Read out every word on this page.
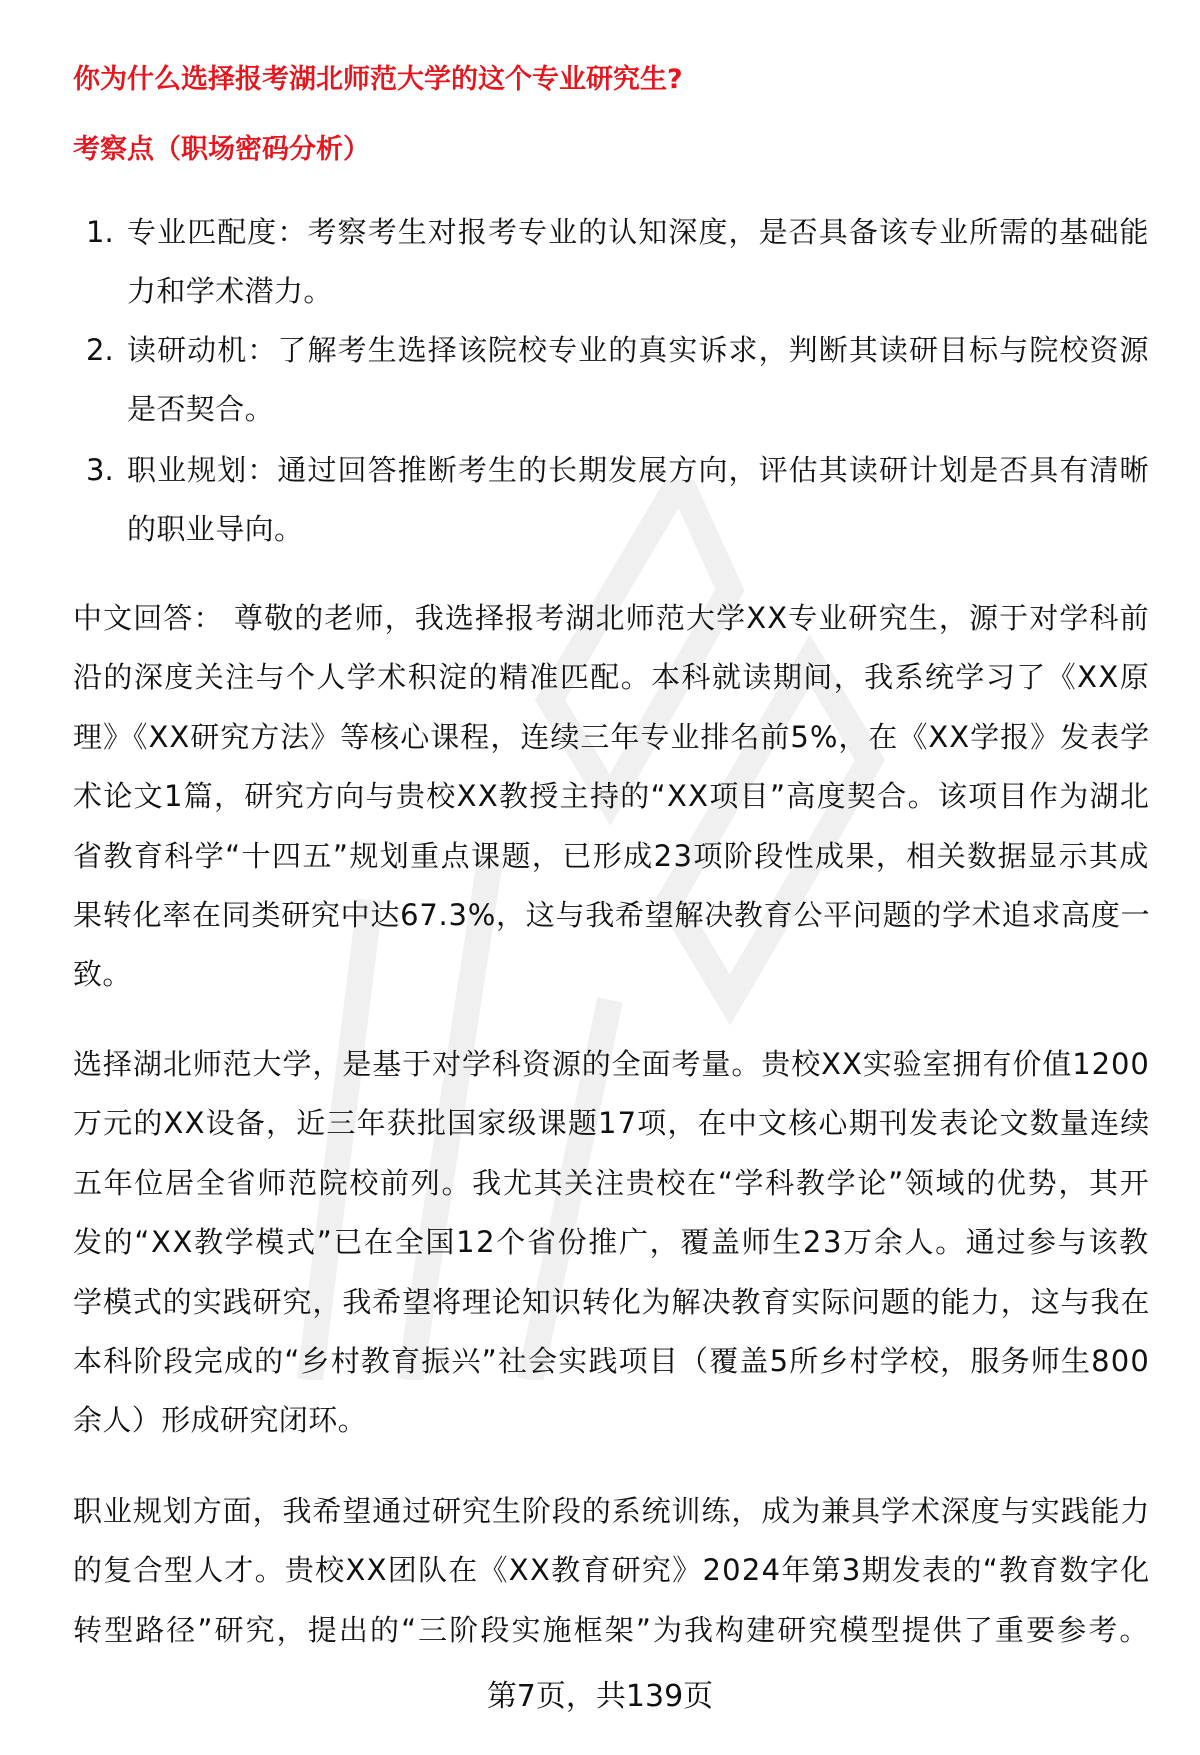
你为什么选择报考湖北师范大学的这个专业研究生?
考察点（职场密码分析）
1. 专业匹配度：考察考生对报考专业的认知深度，是否具备该专业所需的基础能
力和学术潜力。
2. 读研动机：了解考生选择该院校专业的真实诉求，判断其读研目标与院校资源
是否契合。
3. 职业规划：通过回答推断考生的长期发展方向，评估其读研计划是否具有清晰
的职业导向。
中文回答： 尊敬的老师，我选择报考湖北师范大学XX专业研究生，源于对学科前
沿的深度关注与个人学术积淀的精准匹配。本科就读期间，我系统学习了《XX原
理》《XX研究方法》等核心课程，连续三年专业排名前5%，在《XX学报》发表学
术论文1篇，研究方向与贵校XX教授主持的“XX项目”高度契合。该项目作为湖北
省教育科学“十四五”规划重点课题，已形成23项阶段性成果，相关数据显示其成
果转化率在同类研究中达67.3%，这与我希望解决教育公平问题的学术追求高度一
致。
选择湖北师范大学，是基于对学科资源的全面考量。贵校XX实验室拥有价值1200
万元的XX设备，近三年获批国家级课题17项，在中文核心期刊发表论文数量连续
五年位居全省师范院校前列。我尤其关注贵校在“学科教学论”领域的优势，其开
发的“XX教学模式”已在全国12个省份推广，覆盖师生23万余人。通过参与该教
学模式的实践研究，我希望将理论知识转化为解决教育实际问题的能力，这与我在
本科阶段完成的“乡村教育振兴”社会实践项目（覆盖5所乡村学校，服务师生800
余人）形成研究闭环。
职业规划方面，我希望通过研究生阶段的系统训练，成为兼具学术深度与实践能力
的复合型人才。贵校XX团队在《XX教育研究》2024年第3期发表的“教育数字化
转型路径”研究，提出的“三阶段实施框架”为我构建研究模型提供了重要参考。
第7页，共139页
